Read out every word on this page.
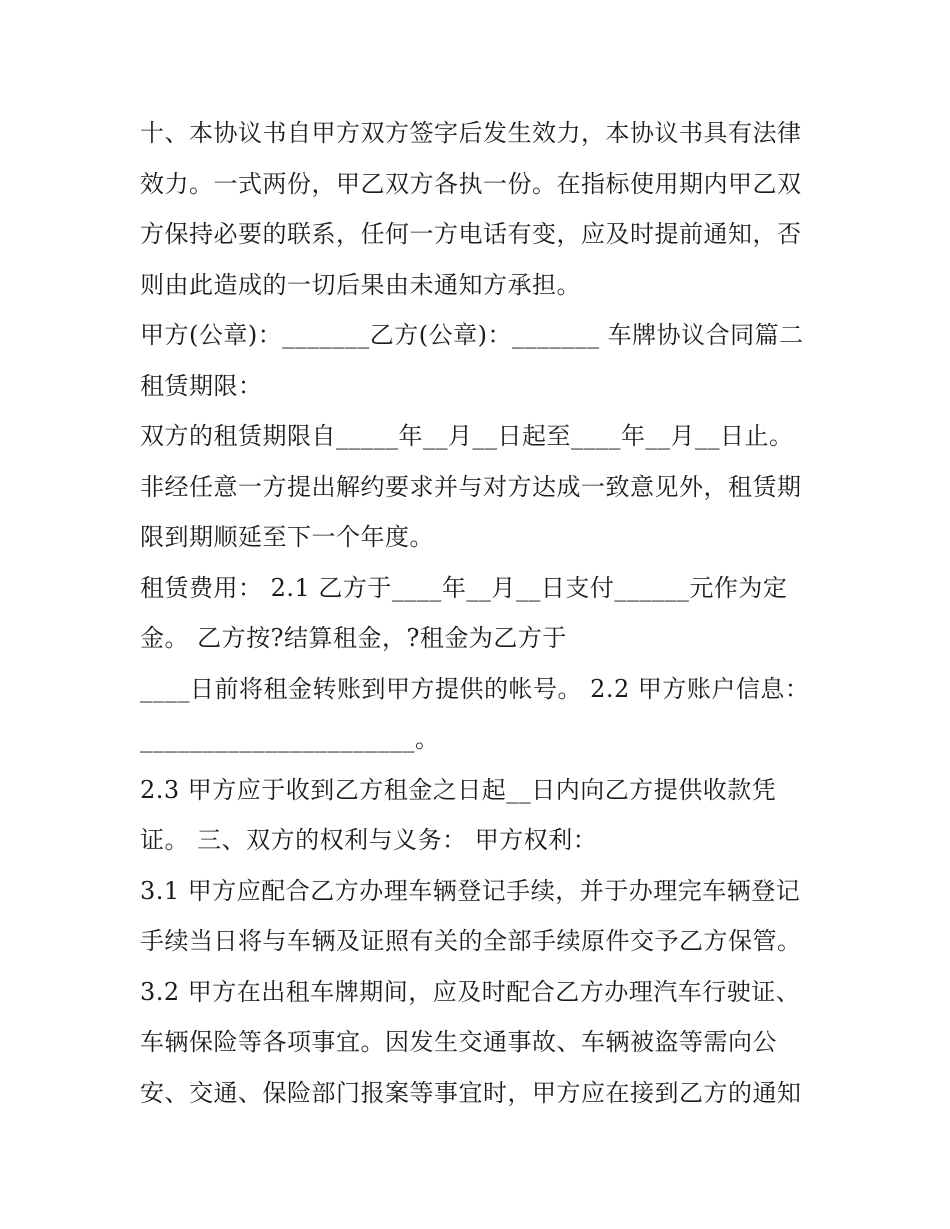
十、本协议书自甲方双方签字后发生效力，本协议书具有法律
效力。一式两份，甲乙双方各执一份。在指标使用期内甲乙双
方保持必要的联系，任何一方电话有变，应及时提前通知，否
则由此造成的一切后果由未通知方承担。
甲方(公章)：_______乙方(公章)：_______ 车牌协议合同篇二
租赁期限：
双方的租赁期限自_____年__月__日起至____年__月__日止。
非经任意一方提出解约要求并与对方达成一致意见外，租赁期
限到期顺延至下一个年度。
租赁费用： 2.1 乙方于____年__月__日支付______元作为定
金。 乙方按?结算租金，?租金为乙方于
____日前将租金转账到甲方提供的帐号。 2.2 甲方账户信息：
______________________。
2.3 甲方应于收到乙方租金之日起__日内向乙方提供收款凭
证。 三、双方的权利与义务： 甲方权利：
3.1 甲方应配合乙方办理车辆登记手续，并于办理完车辆登记
手续当日将与车辆及证照有关的全部手续原件交予乙方保管。
3.2 甲方在出租车牌期间，应及时配合乙方办理汽车行驶证、
车辆保险等各项事宜。因发生交通事故、车辆被盗等需向公
安、交通、保险部门报案等事宜时，甲方应在接到乙方的通知
